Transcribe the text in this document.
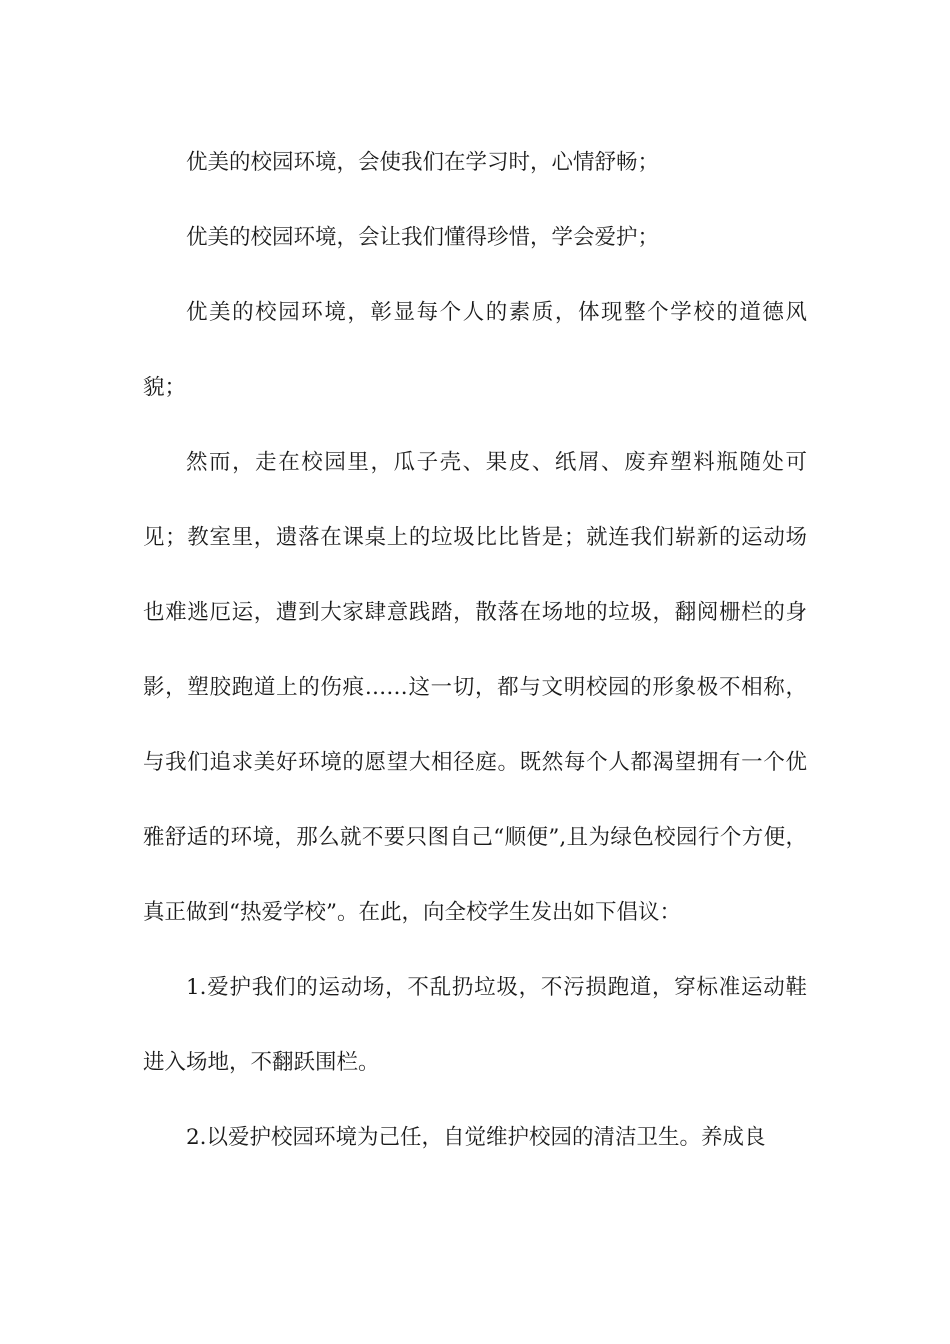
优美的校园环境，会使我们在学习时，心情舒畅；

优美的校园环境，会让我们懂得珍惜，学会爱护；

优美的校园环境，彰显每个人的素质，体现整个学校的道德风貌；

然而，走在校园里，瓜子壳、果皮、纸屑、废弃塑料瓶随处可见；教室里，遗落在课桌上的垃圾比比皆是；就连我们崭新的运动场也难逃厄运，遭到大家肆意践踏，散落在场地的垃圾，翻阅栅栏的身影，塑胶跑道上的伤痕……这一切，都与文明校园的形象极不相称，与我们追求美好环境的愿望大相径庭。既然每个人都渴望拥有一个优雅舒适的环境，那么就不要只图自己“顺便”,且为绿色校园行个方便，真正做到“热爱学校”。在此，向全校学生发出如下倡议：

1.爱护我们的运动场，不乱扔垃圾，不污损跑道，穿标准运动鞋进入场地，不翻跃围栏。

2.以爱护校园环境为己任，自觉维护校园的清洁卫生。养成良
